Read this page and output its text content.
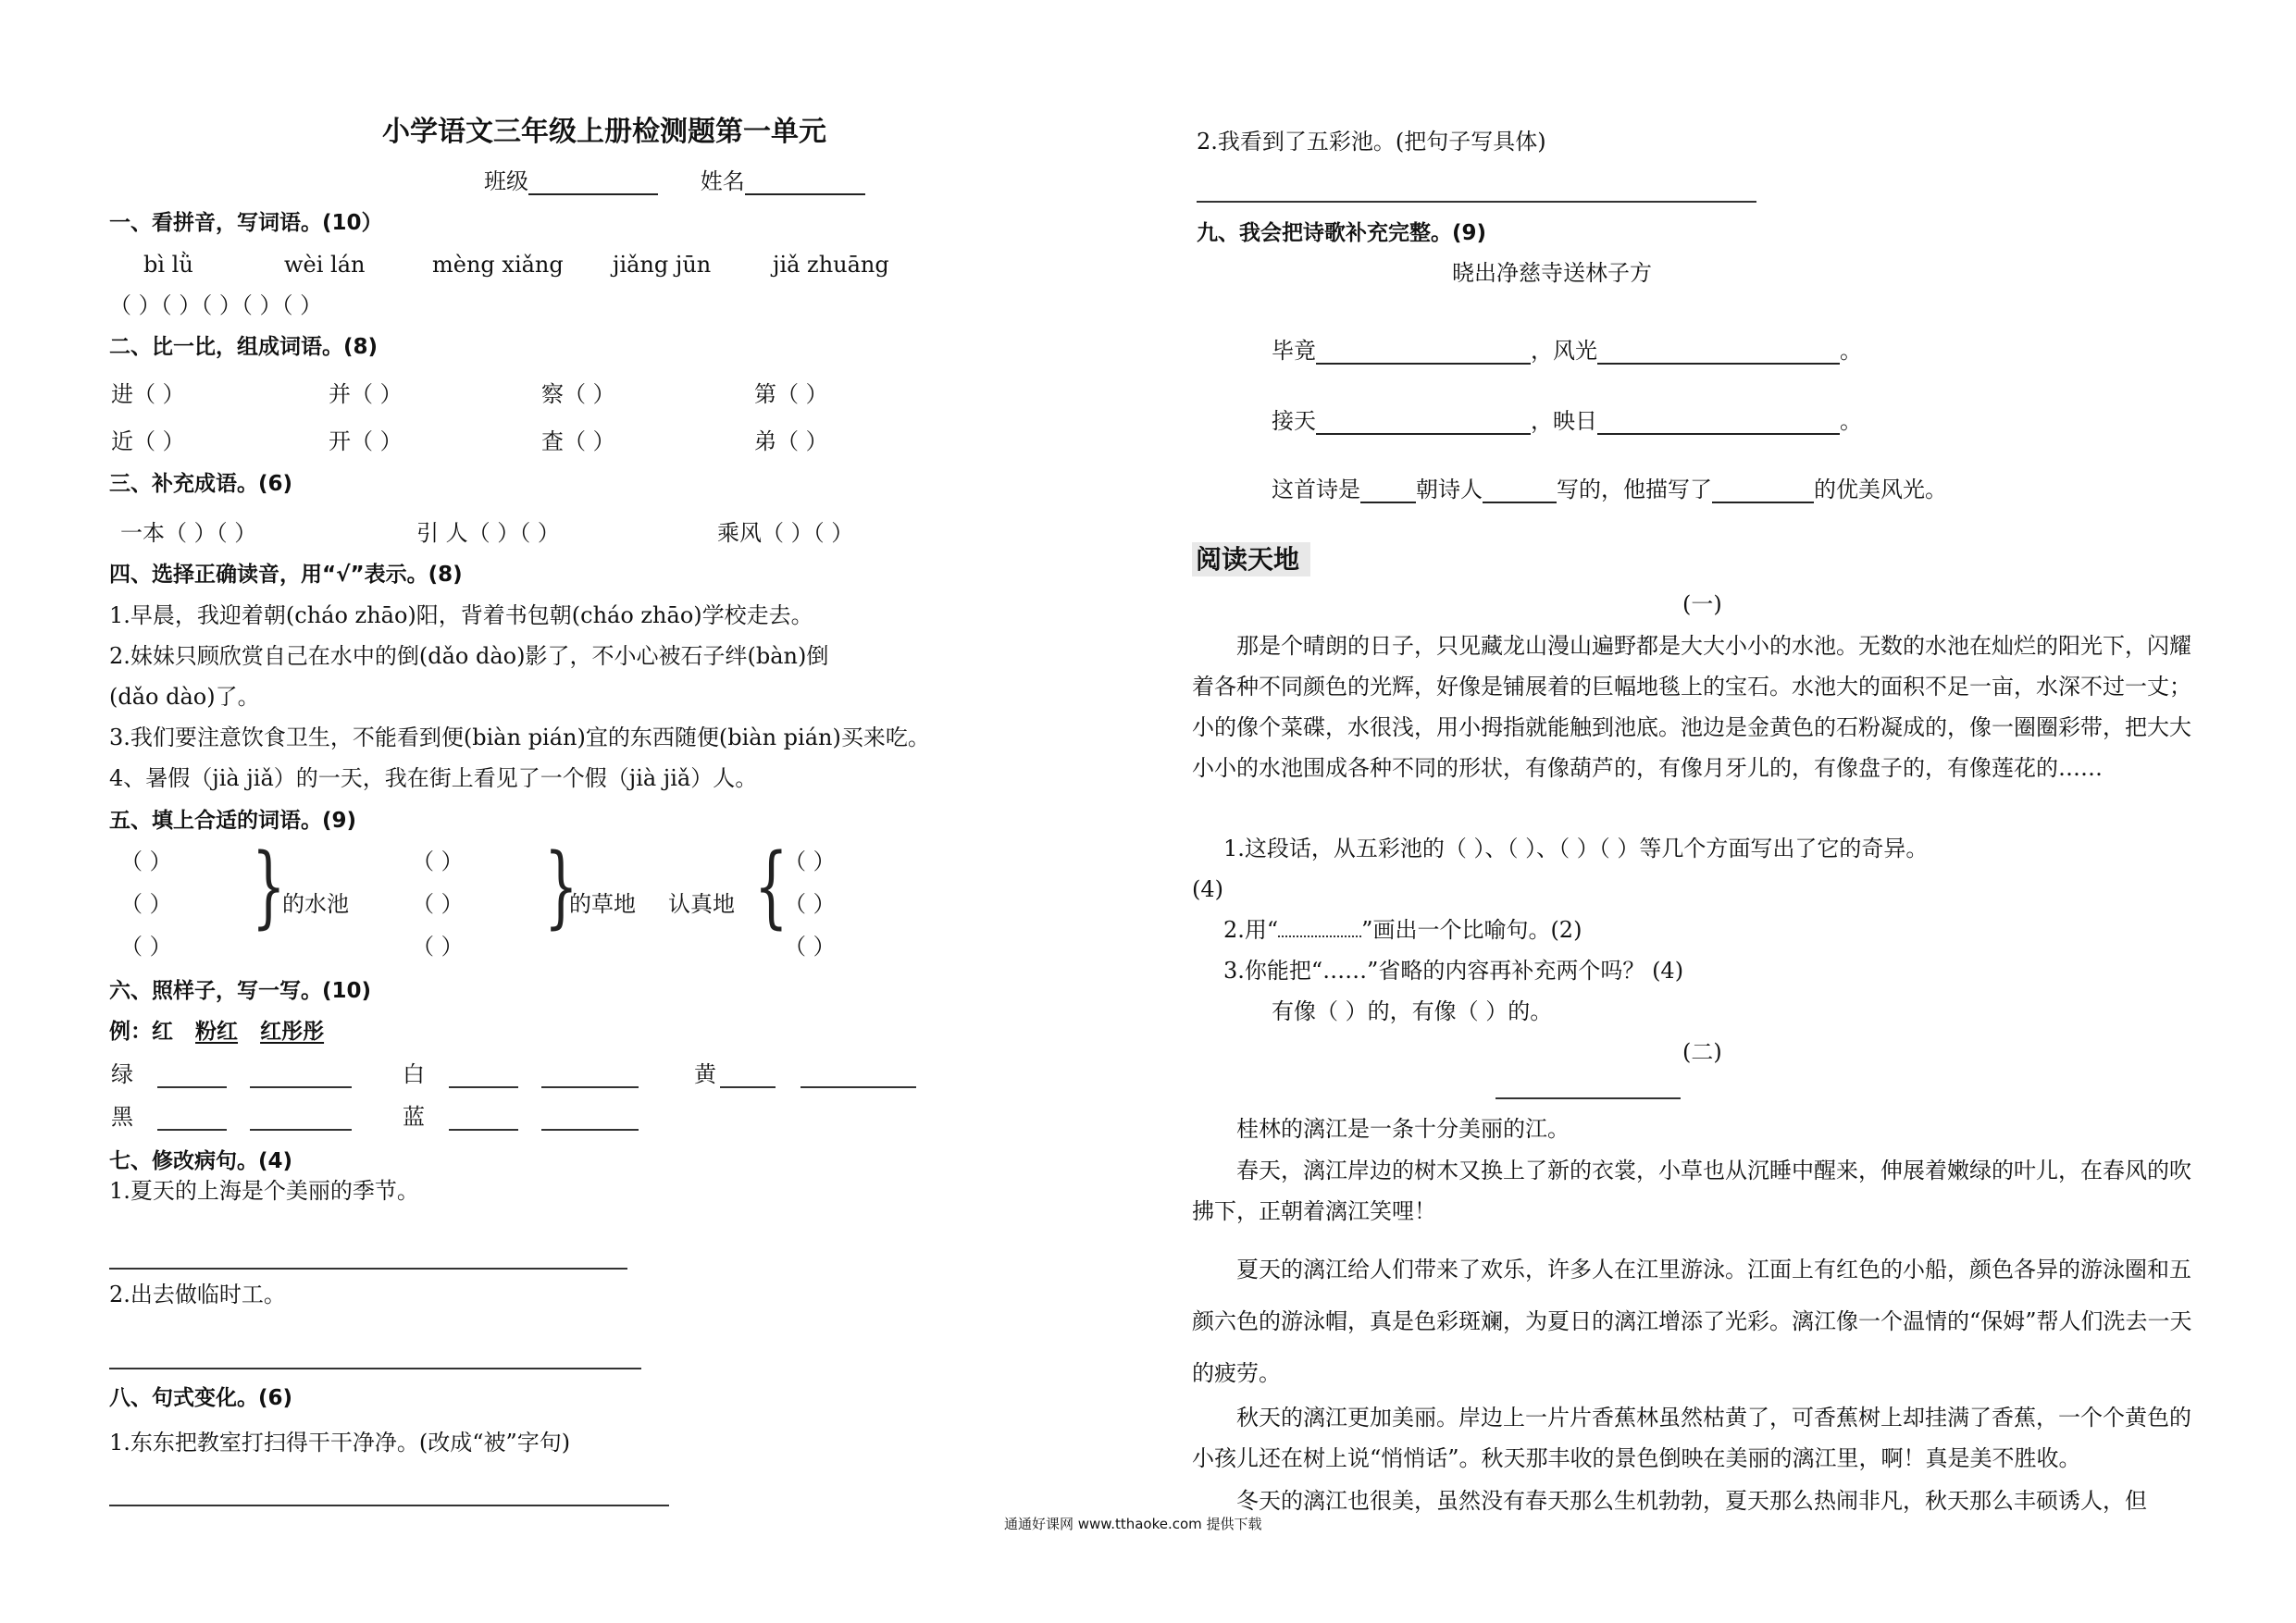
小学语文三年级上册检测题第一单元
班级	姓名
一、看拼音，写词语。(10）
bì lǜ	wèi lán	mèng xiǎng jiǎng jūn	jiǎ zhuāng
（ ）（ ）（ ）（ ）（ ）
二、比一比，组成词语。(8)
进（ ）	并（ ）	察（ ）	第（ ）
近（ ）	开（ ）	査（ ）	弟（ ）
三、补充成语。(6)
一本（ ）（ ）	引 人（ ）（ ）	乘风（ ）（ ）
四、选择正确读音，用“√”表示。(8)
1.早晨，我迎着朝(cháo zhāo)阳，背着书包朝(cháo zhāo)学校走去。
2.妹妹只顾欣赏自己在水中的倒(dǎo dào)影了，不小心被石子绊(bàn)倒
(dǎo dào)了。
3.我们要注意饮食卫生，不能看到便(biàn pián)宜的东西随便(biàn pián)买来吃。
4、暑假（jià jiǎ）的一天，我在街上看见了一个假（jià jiǎ）人。
五、填上合适的词语。(9)
（ ）
（ ）
（ ）
}
的水池
（ ）
（ ）
（ ）
}
的草地 认真地 {
（ ）
（ ）
（ ）
六、照样子，写一写。(10)
例：红 粉红 红彤彤
绿	白	黄
黑	蓝
七、修改病句。(4)
1.夏天的上海是个美丽的季节。
2.出去做临时工。
八、句式变化。(6)
1.东东把教室打扫得干干净净。(改成“被”字句)
2.我看到了五彩池。(把句子写具体)
九、我会把诗歌补充完整。(9)
晓出净慈寺送林子方
毕竟	，风光	。
接天	，映日	。
这首诗是	朝诗人	写的，他描写了	的优美风光。
阅读天地
(一)
那是个晴朗的日子，只见藏龙山漫山遍野都是大大小小的水池。无数的水池在灿烂的阳光下，闪耀着各种不同颜色的光辉，好像是铺展着的巨幅地毯上的宝石。水池大的面积不足一亩，水深不过一丈；小的像个菜碟，水很浅，用小拇指就能触到池底。池边是金黄色的石粉凝成的，像一圈圈彩带，把大大小小的水池围成各种不同的形状，有像葫芦的，有像月牙儿的，有像盘子的，有像莲花的……
1.这段话，从五彩池的（ ）、（ ）、（ ）（ ）等几个方面写出了它的奇异。
(4)
2.用“	”画出一个比喻句。(2)
3.你能把“……”省略的内容再补充两个吗？ (4)
有像（ ）的，有像（ ）的。
(二)
桂林的漓江是一条十分美丽的江。
春天，漓江岸边的树木又换上了新的衣裳，小草也从沉睡中醒来，伸展着嫩绿的叶儿，在春风的吹拂下，正朝着漓江笑哩！
夏天的漓江给人们带来了欢乐，许多人在江里游泳。江面上有红色的小船，颜色各异的游泳圈和五颜六色的游泳帽，真是色彩斑斓，为夏日的漓江增添了光彩。漓江像一个温情的“保姆”帮人们洗去一天的疲劳。
秋天的漓江更加美丽。岸边上一片片香蕉林虽然枯黄了，可香蕉树上却挂满了香蕉，一个个黄色的小孩儿还在树上说“悄悄话”。秋天那丰收的景色倒映在美丽的漓江里，啊！真是美不胜收。
冬天的漓江也很美，虽然没有春天那么生机勃勃，夏天那么热闹非凡，秋天那么丰硕诱人，但
通通好课网 www.tthaoke.com 提供下载
